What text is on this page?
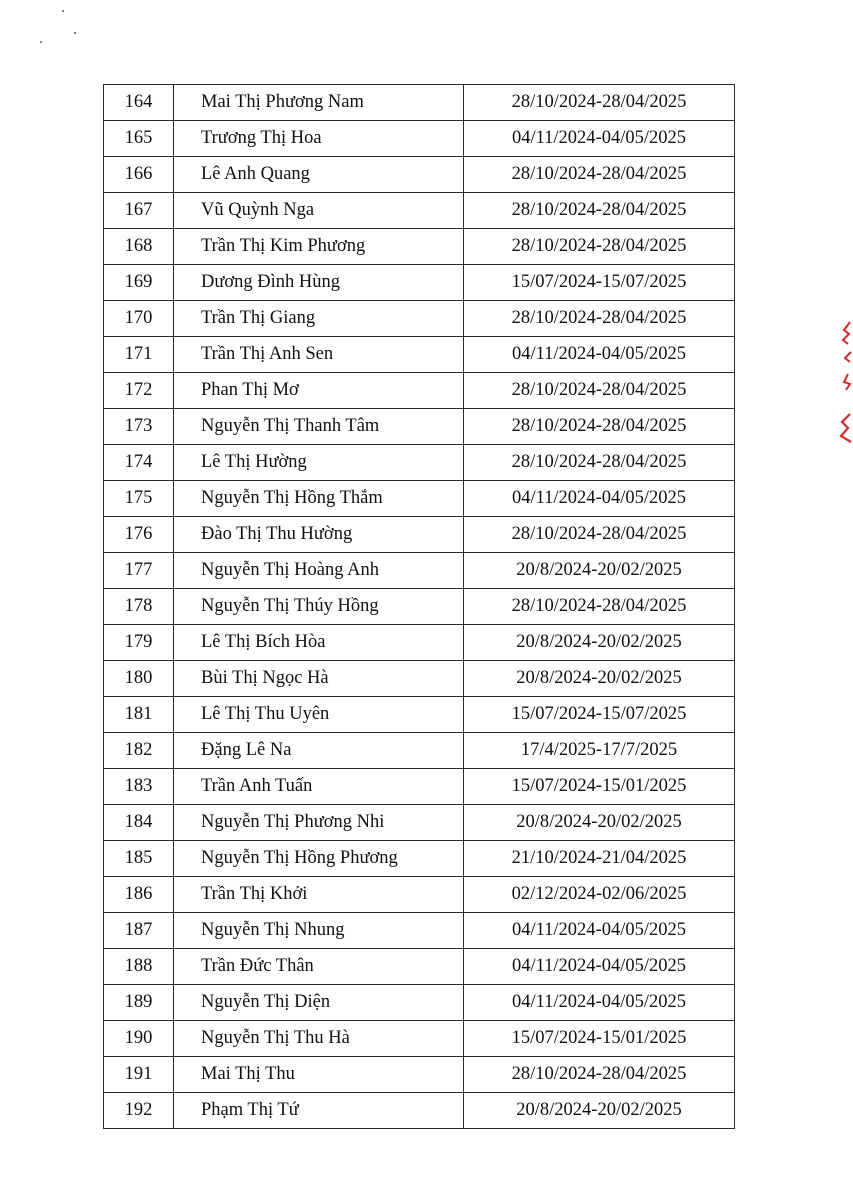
164	Mai Thị Phương Nam	28/10/2024-28/04/2025
165	Trương Thị Hoa	04/11/2024-04/05/2025
166	Lê Anh Quang	28/10/2024-28/04/2025
167	Vũ Quỳnh Nga	28/10/2024-28/04/2025
168	Trần Thị Kim Phương	28/10/2024-28/04/2025
169	Dương Đình Hùng	15/07/2024-15/07/2025
170	Trần Thị Giang	28/10/2024-28/04/2025
171	Trần Thị Anh Sen	04/11/2024-04/05/2025
172	Phan Thị Mơ	28/10/2024-28/04/2025
173	Nguyễn Thị Thanh Tâm	28/10/2024-28/04/2025
174	Lê Thị Hường	28/10/2024-28/04/2025
175	Nguyễn Thị Hồng Thắm	04/11/2024-04/05/2025
176	Đào Thị Thu Hường	28/10/2024-28/04/2025
177	Nguyễn Thị Hoàng Anh	20/8/2024-20/02/2025
178	Nguyễn Thị Thúy Hồng	28/10/2024-28/04/2025
179	Lê Thị Bích Hòa	20/8/2024-20/02/2025
180	Bùi Thị Ngọc Hà	20/8/2024-20/02/2025
181	Lê Thị Thu Uyên	15/07/2024-15/07/2025
182	Đặng Lê Na	17/4/2025-17/7/2025
183	Trần Anh Tuấn	15/07/2024-15/01/2025
184	Nguyễn Thị Phương Nhi	20/8/2024-20/02/2025
185	Nguyễn Thị Hồng Phương	21/10/2024-21/04/2025
186	Trần Thị Khởi	02/12/2024-02/06/2025
187	Nguyễn Thị Nhung	04/11/2024-04/05/2025
188	Trần Đức Thân	04/11/2024-04/05/2025
189	Nguyễn Thị Diện	04/11/2024-04/05/2025
190	Nguyễn Thị Thu Hà	15/07/2024-15/01/2025
191	Mai Thị Thu	28/10/2024-28/04/2025
192	Phạm Thị Tứ	20/8/2024-20/02/2025
